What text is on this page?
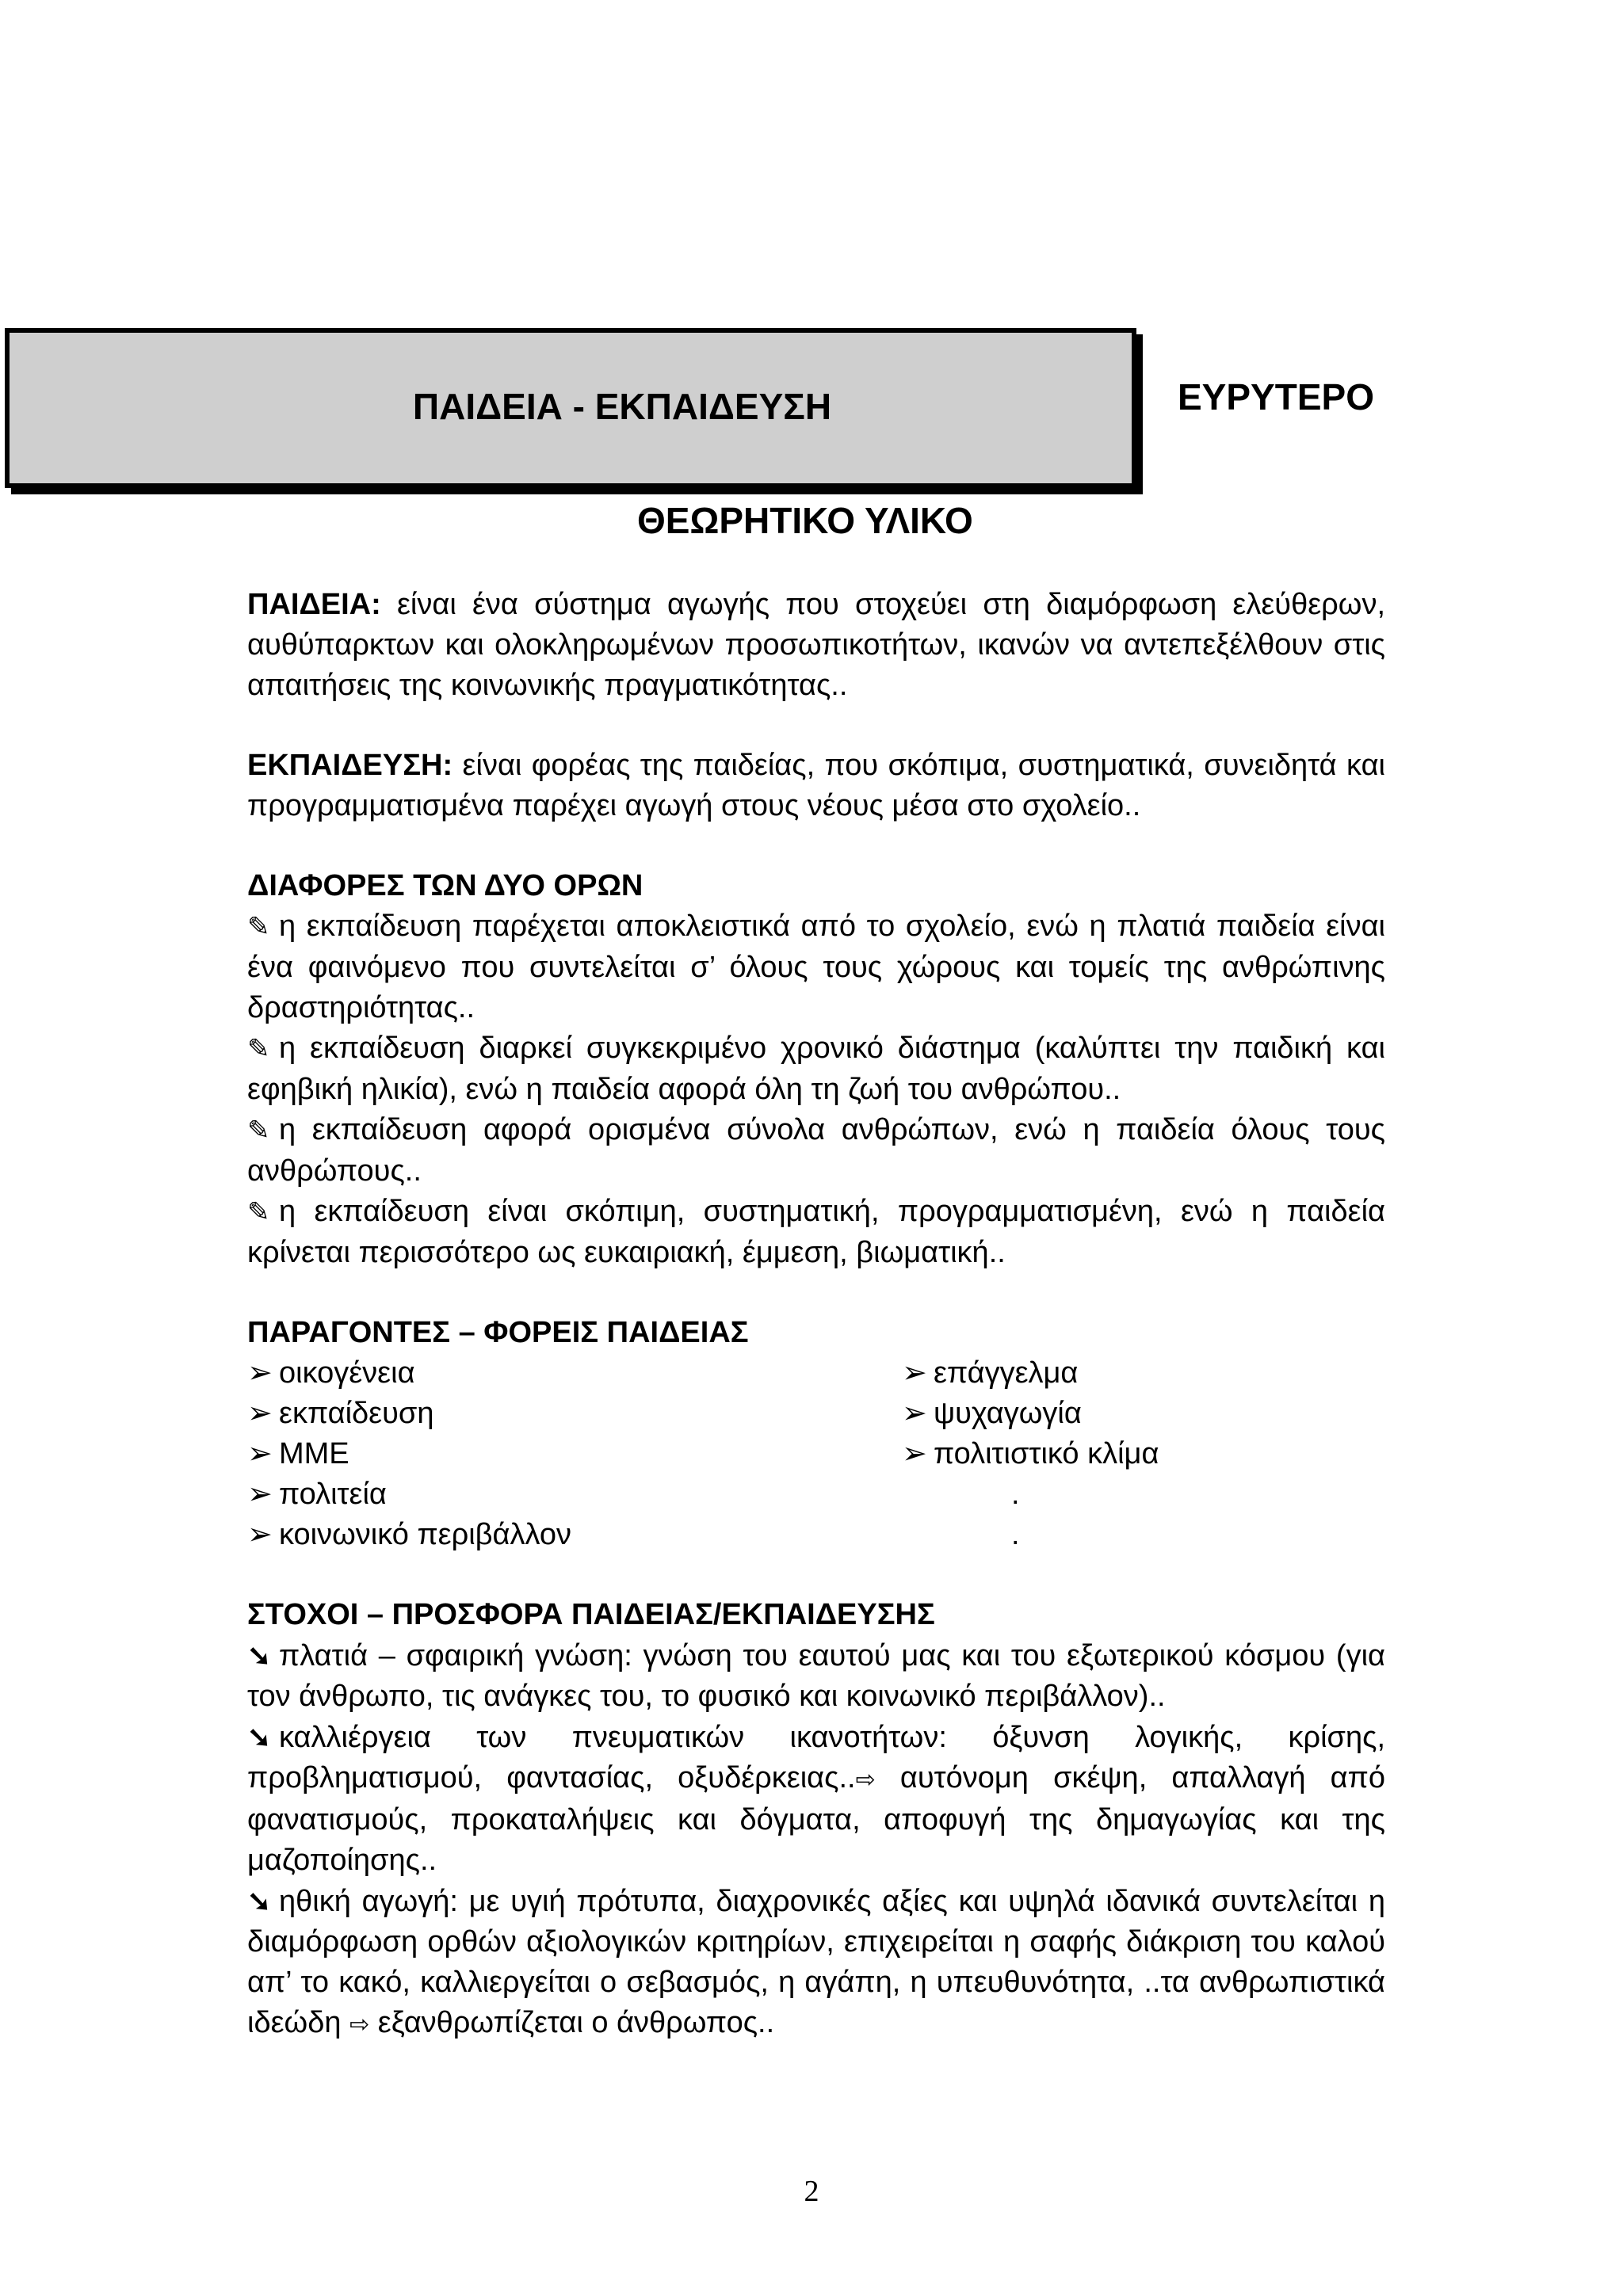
ΠΑΙΔΕΙΑ - ΕΚΠΑΙΔΕΥΣΗ	ΕΥΡΥΤΕΡΟ
ΘΕΩΡΗΤΙΚΟ ΥΛΙΚΟ

ΠΑΙΔΕΙΑ: είναι ένα σύστημα αγωγής που στοχεύει στη διαμόρφωση ελεύθερων, αυθύπαρκτων και ολοκληρωμένων προσωπικοτήτων, ικανών να αντεπεξέλθουν στις απαιτήσεις της κοινωνικής πραγματικότητας..

ΕΚΠΑΙΔΕΥΣΗ: είναι φορέας της παιδείας, που σκόπιμα, συστηματικά, συνειδητά και προγραμματισμένα παρέχει αγωγή στους νέους μέσα στο σχολείο..

ΔΙΑΦΟΡΕΣ ΤΩΝ ΔΥΟ ΟΡΩΝ

✎ η εκπαίδευση παρέχεται αποκλειστικά από το σχολείο, ενώ η πλατιά παιδεία είναι ένα φαινόμενο που συντελείται σ’ όλους τους χώρους και τομείς της ανθρώπινης δραστηριότητας..

✎ η εκπαίδευση διαρκεί συγκεκριμένο χρονικό διάστημα (καλύπτει την παιδική και εφηβική ηλικία), ενώ η παιδεία αφορά όλη τη ζωή του ανθρώπου..

✎ η εκπαίδευση αφορά ορισμένα σύνολα ανθρώπων, ενώ η παιδεία όλους τους ανθρώπους..

✎ η εκπαίδευση είναι σκόπιμη, συστηματική, προγραμματισμένη, ενώ η παιδεία κρίνεται περισσότερο ως ευκαιριακή, έμμεση, βιωματική..

ΠΑΡΑΓΟΝΤΕΣ – ΦΟΡΕΙΣ ΠΑΙΔΕΙΑΣ

➢ οικογένεια	➢ επάγγελμα
➢ εκπαίδευση	➢ ψυχαγωγία
➢ ΜΜΕ	➢ πολιτιστικό κλίμα
➢ πολιτεία	.
➢ κοινωνικό περιβάλλον	.

ΣΤΟΧΟΙ – ΠΡΟΣΦΟΡΑ ΠΑΙΔΕΙΑΣ/ΕΚΠΑΙΔΕΥΣΗΣ

➘ πλατιά – σφαιρική γνώση: γνώση του εαυτού μας και του εξωτερικού κόσμου (για τον άνθρωπο, τις ανάγκες του, το φυσικό και κοινωνικό περιβάλλον)..

➘ καλλιέργεια των πνευματικών ικανοτήτων: όξυνση λογικής, κρίσης, προβληματισμού, φαντασίας, οξυδέρκειας..⇨ αυτόνομη σκέψη, απαλλαγή από φανατισμούς, προκαταλήψεις και δόγματα, αποφυγή της δημαγωγίας και της μαζοποίησης..

➘ ηθική αγωγή: με υγιή πρότυπα, διαχρονικές αξίες και υψηλά ιδανικά συντελείται η διαμόρφωση ορθών αξιολογικών κριτηρίων, επιχειρείται η σαφής διάκριση του καλού απ’ το κακό, καλλιεργείται ο σεβασμός, η αγάπη, η υπευθυνότητα, ..τα ανθρωπιστικά ιδεώδη ⇨ εξανθρωπίζεται ο άνθρωπος..

2
